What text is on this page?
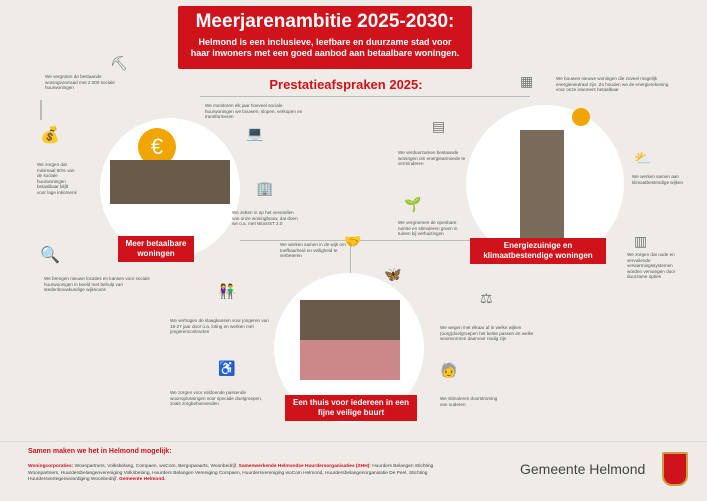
Meerjarenambitie 2025-2030:

Helmond is een inclusieve, leefbare en duurzame stad voor haar inwoners met een goed aanbod aan betaalbare woningen.

Prestatieafspraken 2025:
€
Meer betaalbare woningen
Energiezuinige en klimaatbestendige woningen
Een thuis voor iedereen in een fijne veilige buurt
⛏
💰	💻
🏢
🔍
▦
▤
🌱
⛅
▥
🤝
🦋
👫
♿
⚖
🧓
We vergroten de bestaande woningvoorraad met 2.000 sociale huurwoningen
We monitoren elk jaar hoeveel sociale huurwoningen we bouwen, slopen, verkopen en transformeren
We zorgen dat minimaal 80% van de sociale huurwoningen betaalbaar blijft voor lage inkomens
We zetten in op het versnellen van onze woningbouw, dat doen we o.a. met WoonST 2.0
We brengen nieuwe locaties en kansen voor sociale huurwoningen in beeld met behulp van stedenbouwkundige wijkscans
We bouwen nieuwe woningen die zoveel mogelijk energieneutraal zijn. Zo houden we de energierekening voor onze inwoners betaalbaar
We verduurzamen bestaande woningen om energiearmoede te verminderen
We vergroenen de openbare ruimte en stimuleren groen in tuinen bij verhuizingen
We werken samen aan klimaatbestendige wijken
We zorgen dat oude en vervuilende verwarmingssystemen worden vervangen door duurzame opties
We werken samen in de wijk om toefbaarheid en veiligheid te verbeteren
We verhogen de slaagkansen voor jongeren van 18-27 jaar door o.a. loting en werken met jongerencontracten
We zorgen voor voldoende passende woonoplossingen voor speciale doelgroepen, zoals zorgbehoevenden
We wegen met elkaar af in welke wijken (oorg)doelgroepen het beste passen en welke woonvormen daarvoor nodig zijn
We stimuleren doorstroming van ouderen
Samen maken we het in Helmond mogelijk:
Woningcorporaties: Woonpartners, Volksbelang, Compaen, woCom, Bergopwaarts, Woonbedrijf. Samenwerkende Helmondse Huurdersorganisaties (SHH): Huurders Belangen Stichting Woonpartners, Huurdersbelangenvereniging Volksbelang, Huurders Belangen Vereniging Compaen, Huurdersvereniging woCom Helmond, Huurdersbelangenorganisatie De Peel, Stichting Huurdersvertegenwoordiging Woonbedrijf. Gemeente Helmond.
Gemeente Helmond
